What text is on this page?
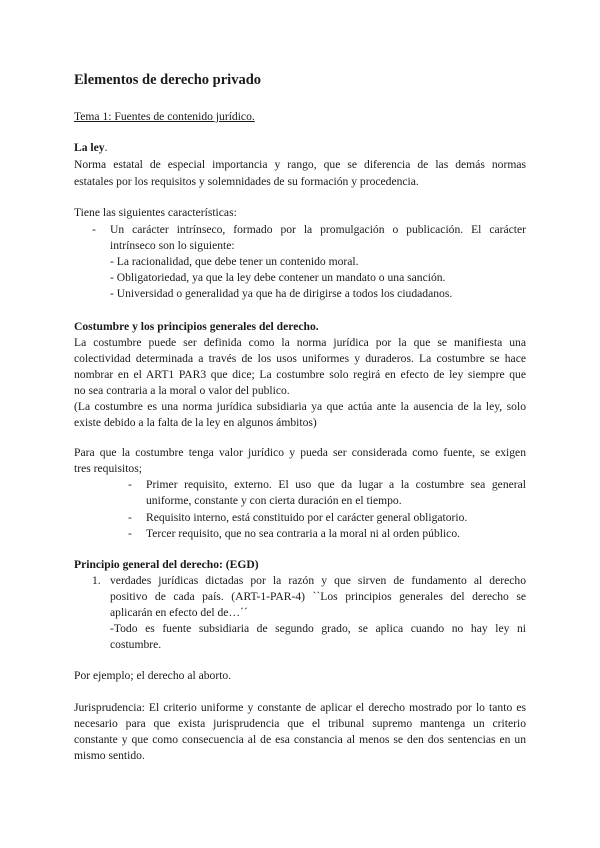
Elementos de derecho privado
Tema 1: Fuentes de contenido jurídico.
La ley.
Norma estatal de especial importancia y rango, que se diferencia de las demás normas
estatales por los requisitos y solemnidades de su formación y procedencia.
Tiene las siguientes características:
- Un carácter intrínseco, formado por la promulgación o publicación. El carácter
intrínseco son lo siguiente:
- La racionalidad, que debe tener un contenido moral.
- Obligatoriedad, ya que la ley debe contener un mandato o una sanción.
- Universidad o generalidad ya que ha de dirigirse a todos los ciudadanos.
Costumbre y los principios generales del derecho.
La costumbre puede ser definida como la norma jurídica por la que se manifiesta una
colectividad determinada a través de los usos uniformes y duraderos. La costumbre se hace
nombrar en el ART1 PAR3 que dice; La costumbre solo regirá en efecto de ley siempre que
no sea contraria a la moral o valor del publico.
(La costumbre es una norma jurídica subsidiaria ya que actúa ante la ausencia de la ley, solo
existe debido a la falta de la ley en algunos ámbitos)
Para que la costumbre tenga valor jurídico y pueda ser considerada como fuente, se exigen
tres requisitos;
- Primer requisito, externo. El uso que da lugar a la costumbre sea general
uniforme, constante y con cierta duración en el tiempo.
- Requisito interno, está constituido por el carácter general obligatorio.
- Tercer requisito, que no sea contraria a la moral ni al orden público.
Principio general del derecho: (EGD)
1. verdades jurídicas dictadas por la razón y que sirven de fundamento al derecho
positivo de cada país. (ART-1-PAR-4) ``Los principios generales del derecho se
aplicarán en efecto del de…´´
-Todo es fuente subsidiaria de segundo grado, se aplica cuando no hay ley ni
costumbre.
Por ejemplo; el derecho al aborto.
Jurisprudencia: El criterio uniforme y constante de aplicar el derecho mostrado por lo tanto es
necesario para que exista jurisprudencia que el tribunal supremo mantenga un criterio
constante y que como consecuencia al de esa constancia al menos se den dos sentencias en un
mismo sentido.
